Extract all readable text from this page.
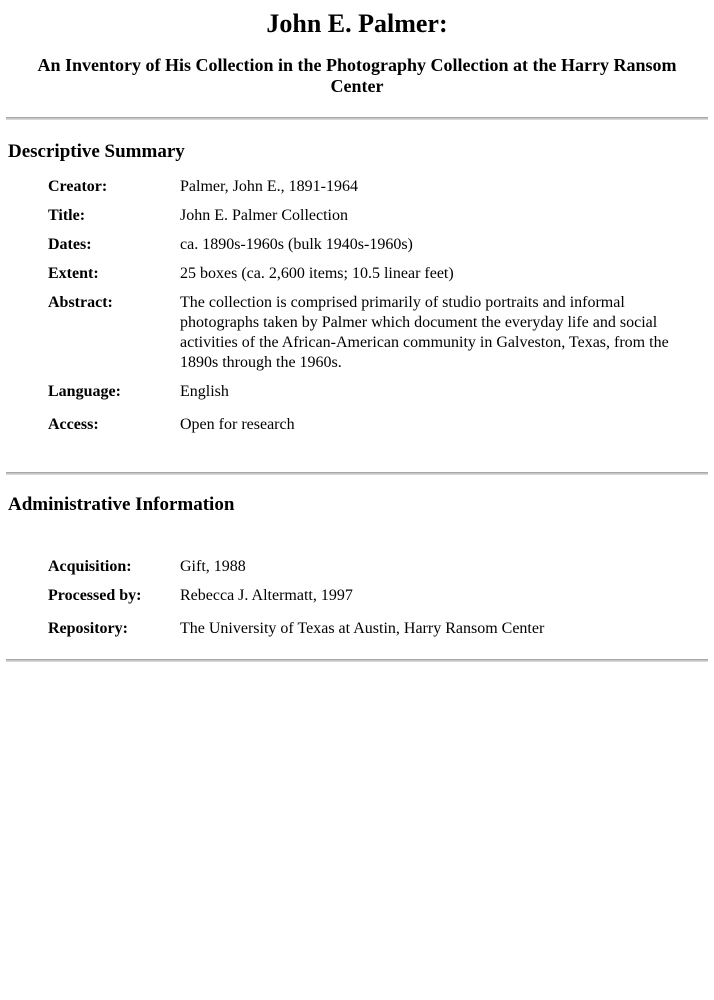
John E. Palmer:
An Inventory of His Collection in the Photography Collection at the Harry Ransom Center
Descriptive Summary
Creator:	Palmer, John E., 1891-1964
Title:	John E. Palmer Collection
Dates:	ca. 1890s-1960s (bulk 1940s-1960s)
Extent:	25 boxes (ca. 2,600 items; 10.5 linear feet)
Abstract:	The collection is comprised primarily of studio portraits and informal photographs taken by Palmer which document the everyday life and social activities of the African-American community in Galveston, Texas, from the 1890s through the 1960s.
Language:	English
Access:	Open for research
Administrative Information
Acquisition:	Gift, 1988
Processed by:	Rebecca J. Altermatt, 1997
Repository:	The University of Texas at Austin, Harry Ransom Center
